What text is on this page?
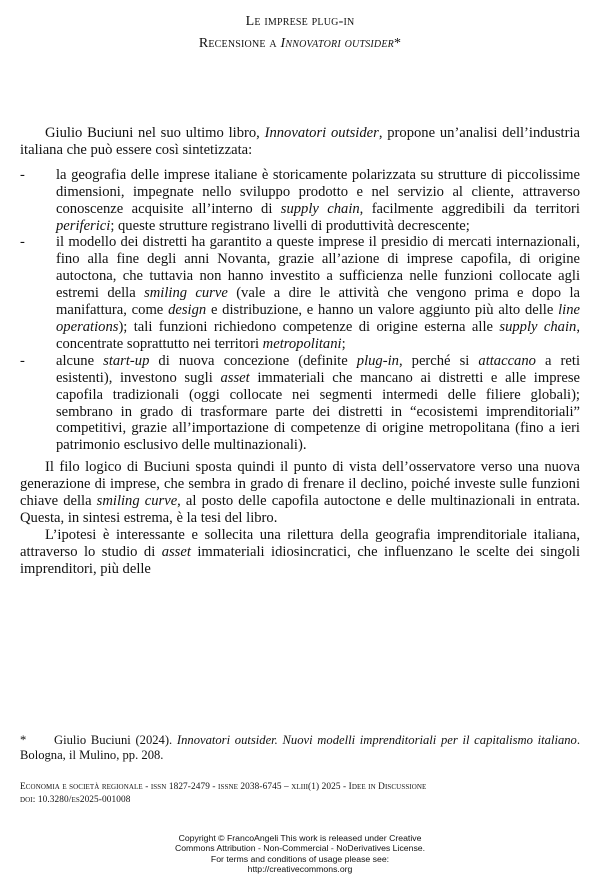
Le imprese plug-in
Recensione a Innovatori outsider*

Giulio Buciuni nel suo ultimo libro, Innovatori outsider, propone un’analisi dell’industria italiana che può essere così sintetizzata:

- la geografia delle imprese italiane è storicamente polarizzata su strutture di piccolissime dimensioni, impegnate nello sviluppo prodotto e nel servizio al cliente, attraverso conoscenze acquisite all’interno di supply chain, facilmente aggredibili da territori periferici; queste strutture registrano livelli di produttività decrescente;
- il modello dei distretti ha garantito a queste imprese il presidio di mercati internazionali, fino alla fine degli anni Novanta, grazie all’azione di imprese capofila, di origine autoctona, che tuttavia non hanno investito a sufficienza nelle funzioni collocate agli estremi della smiling curve (vale a dire le attività che vengono prima e dopo la manifattura, come design e distribuzione, e hanno un valore aggiunto più alto delle line operations); tali funzioni richiedono competenze di origine esterna alle supply chain, concentrate soprattutto nei territori metropolitani;
- alcune start-up di nuova concezione (definite plug-in, perché si attaccano a reti esistenti), investono sugli asset immateriali che mancano ai distretti e alle imprese capofila tradizionali (oggi collocate nei segmenti intermedi delle filiere globali); sembrano in grado di trasformare parte dei distretti in “ecosistemi imprenditoriali” competitivi, grazie all’importazione di competenze di origine metropolitana (fino a ieri patrimonio esclusivo delle multinazionali).

Il filo logico di Buciuni sposta quindi il punto di vista dell’osservatore verso una nuova generazione di imprese, che sembra in grado di frenare il declino, poiché investe sulle funzioni chiave della smiling curve, al posto delle capofila autoctone e delle multinazionali in entrata. Questa, in sintesi estrema, è la tesi del libro.

L’ipotesi è interessante e sollecita una rilettura della geografia imprenditoriale italiana, attraverso lo studio di asset immateriali idiosincratici, che influenzano le scelte dei singoli imprenditori, più delle

* Giulio Buciuni (2024). Innovatori outsider. Nuovi modelli imprenditoriali per il capitalismo italiano. Bologna, il Mulino, pp. 208.
Economia e società regionale - issn 1827-2479 - issne 2038-6745 – xliii(1) 2025 - Idee in Discussione
doi: 10.3280/es2025-001008
Copyright © FrancoAngeli This work is released under Creative
Commons Attribution - Non-Commercial - NoDerivatives License.
For terms and conditions of usage please see:
http://creativecommons.org
